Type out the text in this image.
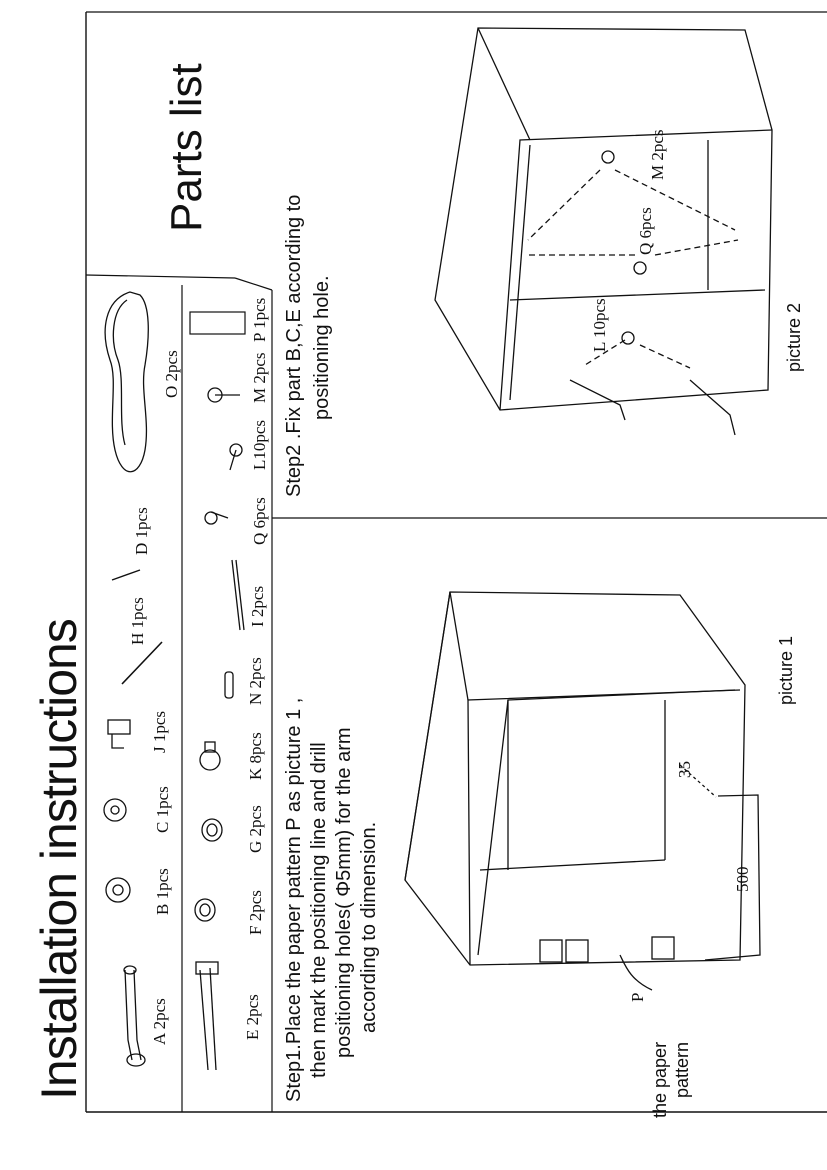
Installation instructions
Parts list
A 2pcs
B 1pcs
C 1pcs
J 1pcs
H 1pcs
D 1pcs
O 2pcs
E 2pcs
F 2pcs
G 2pcs
K 8pcs
N 2pcs
I 2pcs
Q 6pcs
L10pcs
M 2pcs
P 1pcs
Step1.Place the paper pattern P as picture 1 , then mark the positioning line and drill positioning holes( Φ5mm) for the arm according to dimension.
Step2 .Fix part B,C,E according to positioning hole.
picture 1
500
35
P
the paper pattern
picture 2
M 2pcs
Q 6pcs
L 10pcs
